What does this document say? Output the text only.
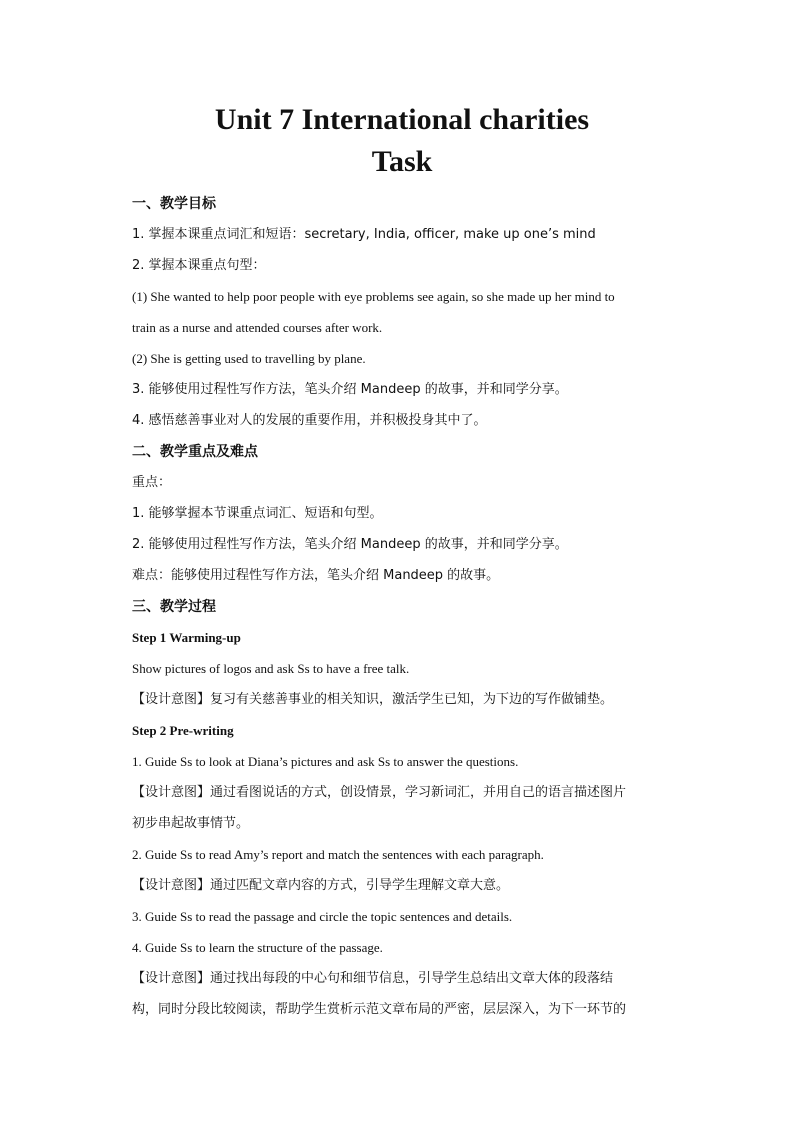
Unit 7 International charities
Task
一、教学目标
1. 掌握本课重点词汇和短语：secretary, India, officer, make up one’s mind
2. 掌握本课重点句型：
(1) She wanted to help poor people with eye problems see again, so she made up her mind to
train as a nurse and attended courses after work.
(2) She is getting used to travelling by plane.
3. 能够使用过程性写作方法，笔头介绍 Mandeep 的故事，并和同学分享。
4. 感悟慈善事业对人的发展的重要作用，并积极投身其中了。
二、教学重点及难点
重点：
1. 能够掌握本节课重点词汇、短语和句型。
2. 能够使用过程性写作方法，笔头介绍 Mandeep 的故事，并和同学分享。
难点：能够使用过程性写作方法，笔头介绍 Mandeep 的故事。
三、教学过程
Step 1 Warming-up
Show pictures of logos and ask Ss to have a free talk.
【设计意图】复习有关慈善事业的相关知识，激活学生已知，为下边的写作做铺垫。
Step 2 Pre-writing
1. Guide Ss to look at Diana’s pictures and ask Ss to answer the questions.
【设计意图】通过看图说话的方式，创设情景，学习新词汇，并用自己的语言描述图片
初步串起故事情节。
2. Guide Ss to read Amy’s report and match the sentences with each paragraph.
【设计意图】通过匹配文章内容的方式，引导学生理解文章大意。
3. Guide Ss to read the passage and circle the topic sentences and details.
4. Guide Ss to learn the structure of the passage.
【设计意图】通过找出每段的中心句和细节信息，引导学生总结出文章大体的段落结
构，同时分段比较阅读，帮助学生赏析示范文章布局的严密，层层深入，为下一环节的
